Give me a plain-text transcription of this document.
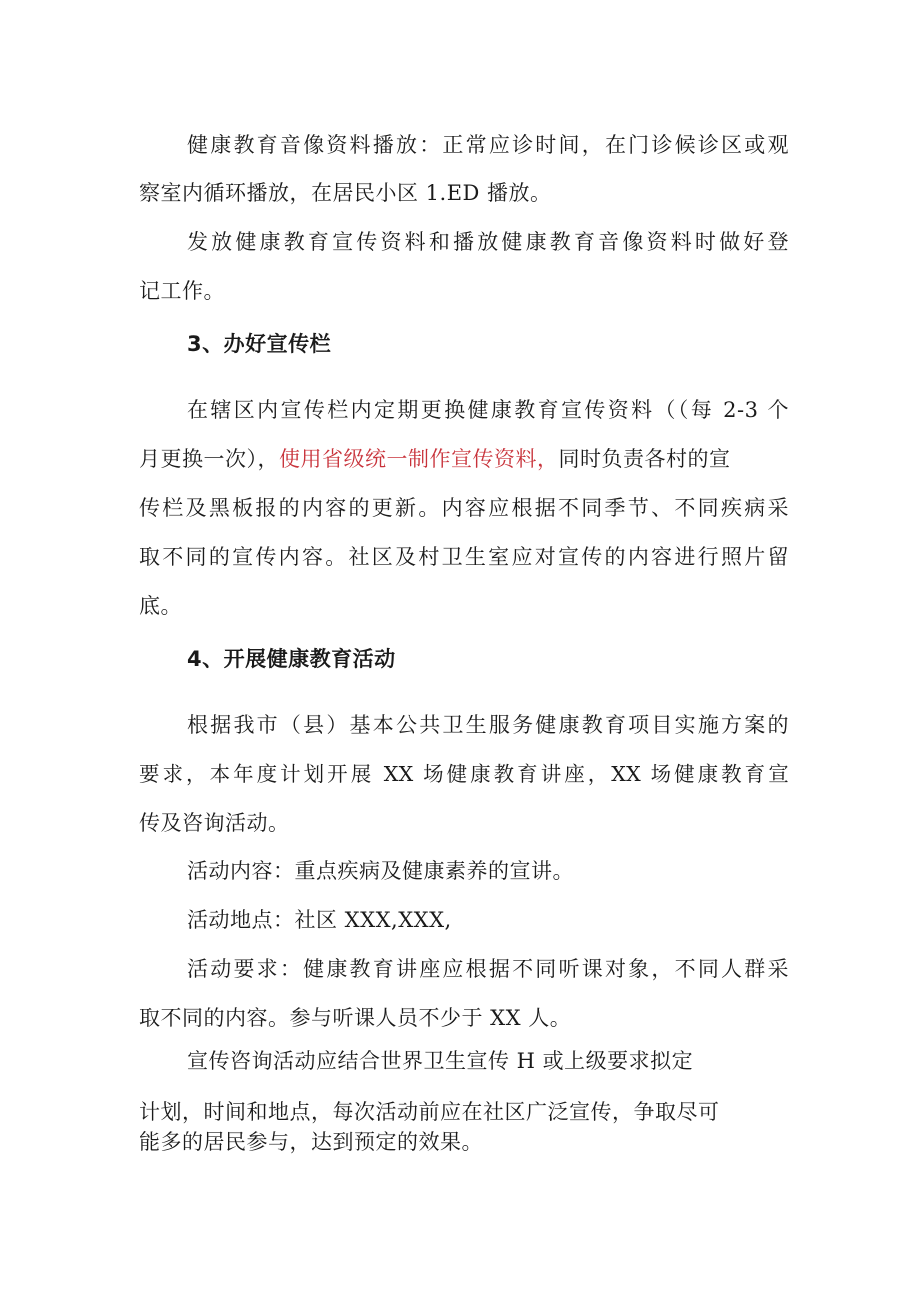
健康教育音像资料播放：正常应诊时间，在门诊候诊区或观
察室内循环播放，在居民小区 1.ED 播放。
发放健康教育宣传资料和播放健康教育音像资料时做好登
记工作。
3、办好宣传栏
在辖区内宣传栏内定期更换健康教育宣传资料（（每 2-3 个
月更换一次），使用省级统一制作宣传资料，同时负责各村的宣
传栏及黑板报的内容的更新。内容应根据不同季节、不同疾病采
取不同的宣传内容。社区及村卫生室应对宣传的内容进行照片留
底。
4、开展健康教育活动
根据我市（县）基本公共卫生服务健康教育项目实施方案的
要求，本年度计划开展 XX 场健康教育讲座，XX 场健康教育宣
传及咨询活动。
活动内容：重点疾病及健康素养的宣讲。
活动地点：社区 XXX,XXX,
活动要求：健康教育讲座应根据不同听课对象，不同人群采
取不同的内容。参与听课人员不少于 XX 人。
宣传咨询活动应结合世界卫生宣传 H 或上级要求拟定
计划，时间和地点，每次活动前应在社区广泛宣传，争取尽可
能多的居民参与，达到预定的效果。
